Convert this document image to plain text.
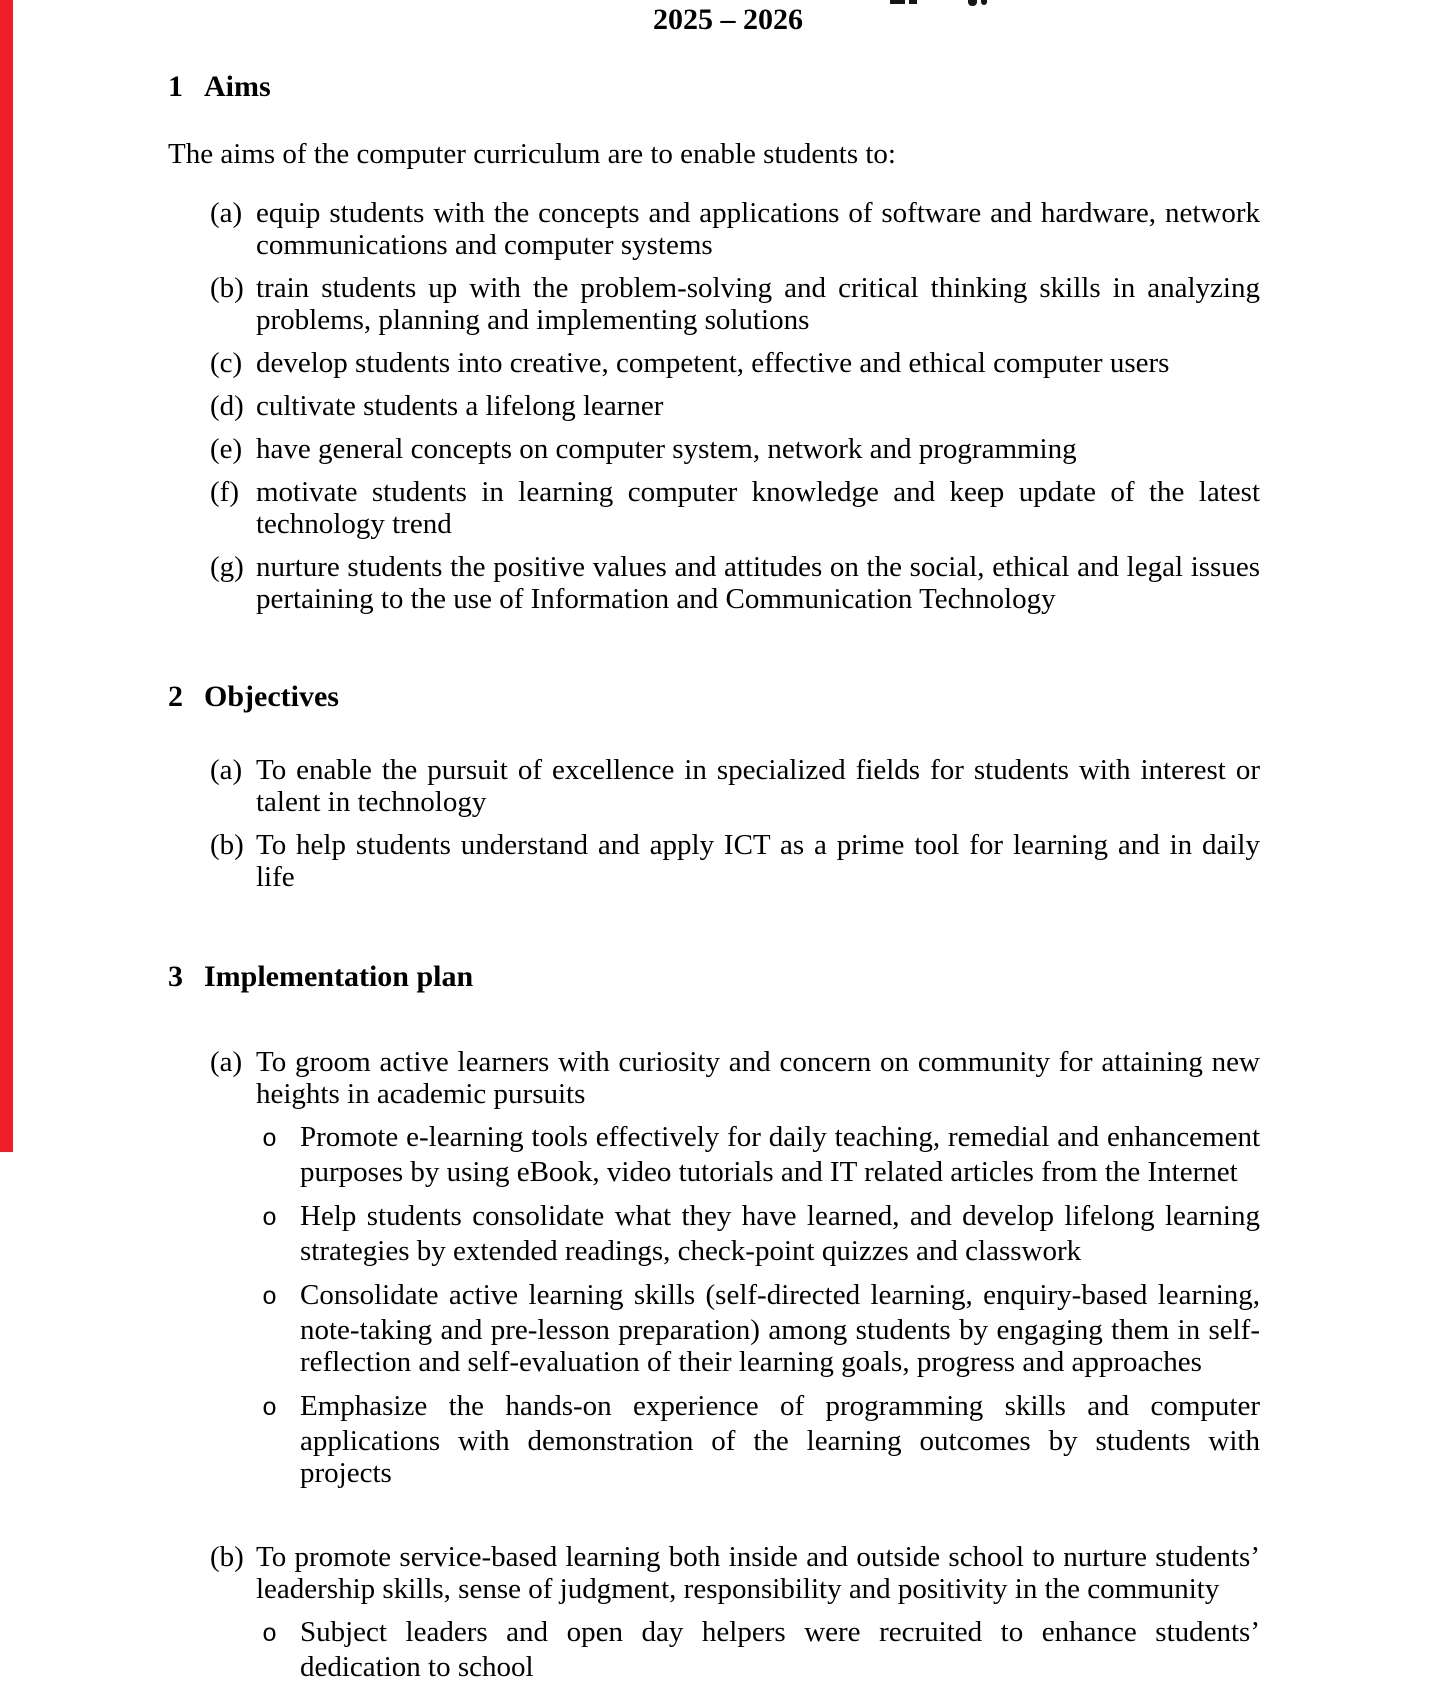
2025 – 2026
1 Aims

The aims of the computer curriculum are to enable students to:

(a) equip students with the concepts and applications of software and hardware, network communications and computer systems
(b) train students up with the problem-solving and critical thinking skills in analyzing problems, planning and implementing solutions
(c) develop students into creative, competent, effective and ethical computer users
(d) cultivate students a lifelong learner
(e) have general concepts on computer system, network and programming
(f) motivate students in learning computer knowledge and keep update of the latest technology trend
(g) nurture students the positive values and attitudes on the social, ethical and legal issues pertaining to the use of Information and Communication Technology
2 Objectives
(a) To enable the pursuit of excellence in specialized fields for students with interest or talent in technology
(b) To help students understand and apply ICT as a prime tool for learning and in daily life
3 Implementation plan
(a) To groom active learners with curiosity and concern on community for attaining new heights in academic pursuits
o Promote e-learning tools effectively for daily teaching, remedial and enhancement purposes by using eBook, video tutorials and IT related articles from the Internet
o Help students consolidate what they have learned, and develop lifelong learning strategies by extended readings, check-point quizzes and classwork
o Consolidate active learning skills (self-directed learning, enquiry-based learning, note-taking and pre-lesson preparation) among students by engaging them in self-reflection and self-evaluation of their learning goals, progress and approaches
o Emphasize the hands-on experience of programming skills and computer applications with demonstration of the learning outcomes by students with projects
(b) To promote service-based learning both inside and outside school to nurture students’ leadership skills, sense of judgment, responsibility and positivity in the community
o Subject leaders and open day helpers were recruited to enhance students’ dedication to school
